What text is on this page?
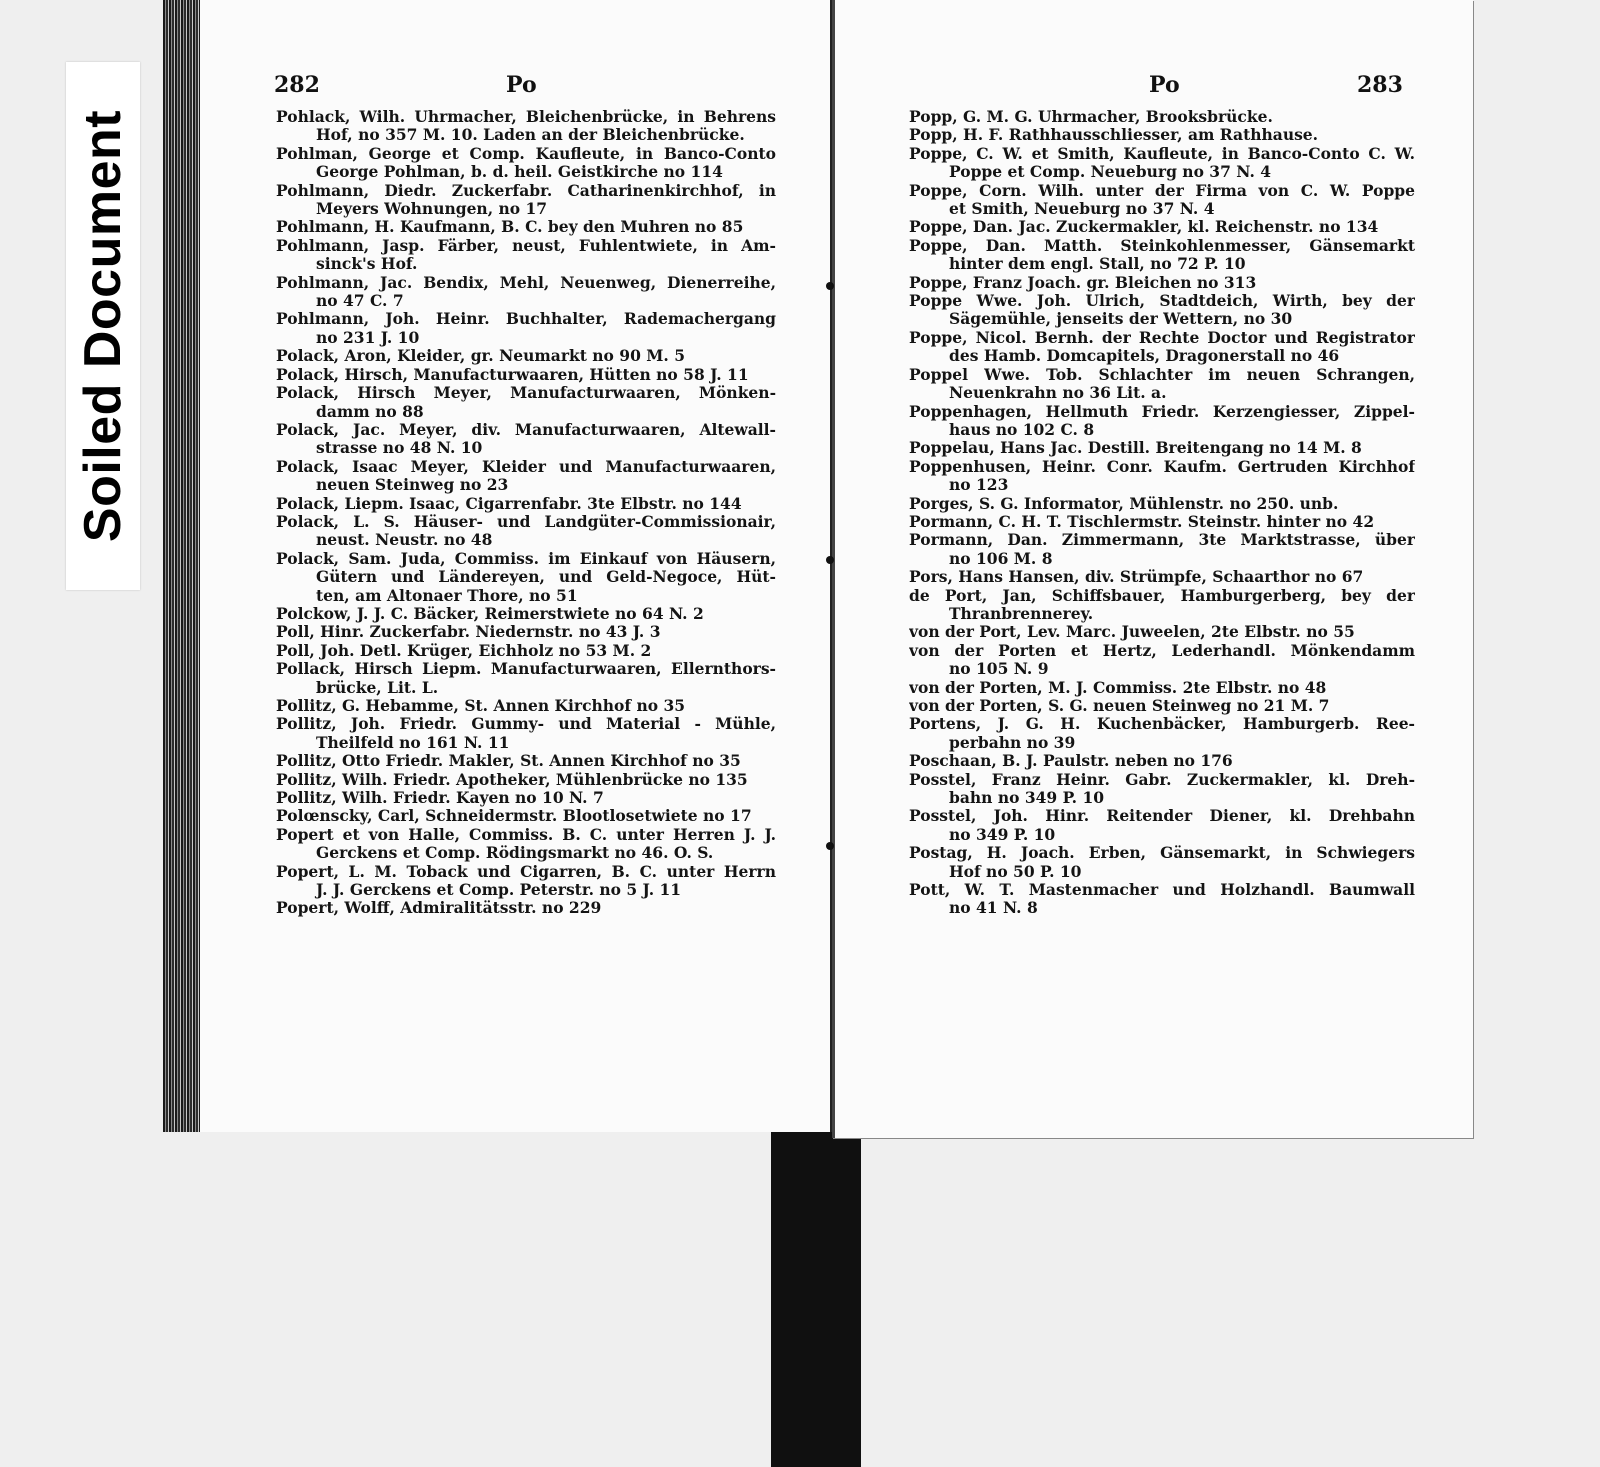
Soiled Document
282	Po
Pohlack, Wilh. Uhrmacher, Bleichenbrücke, in Behrens
Hof, no 357 M. 10. Laden an der Bleichenbrücke.
Pohlman, George et Comp. Kaufleute, in Banco-Conto
George Pohlman, b. d. heil. Geistkirche no 114
Pohlmann, Diedr. Zuckerfabr. Catharinenkirchhof, in
Meyers Wohnungen, no 17
Pohlmann, H. Kaufmann, B. C. bey den Muhren no 85
Pohlmann, Jasp. Färber, neust, Fuhlentwiete, in Am-
sinck's Hof.
Pohlmann, Jac. Bendix, Mehl, Neuenweg, Dienerreihe,
no 47 C. 7
Pohlmann, Joh. Heinr. Buchhalter, Rademachergang
no 231 J. 10
Polack, Aron, Kleider, gr. Neumarkt no 90 M. 5
Polack, Hirsch, Manufacturwaaren, Hütten no 58 J. 11
Polack, Hirsch Meyer, Manufacturwaaren, Mönken-
damm no 88
Polack, Jac. Meyer, div. Manufacturwaaren, Altewall-
strasse no 48 N. 10
Polack, Isaac Meyer, Kleider und Manufacturwaaren,
neuen Steinweg no 23
Polack, Liepm. Isaac, Cigarrenfabr. 3te Elbstr. no 144
Polack, L. S. Häuser- und Landgüter-Commissionair,
neust. Neustr. no 48
Polack, Sam. Juda, Commiss. im Einkauf von Häusern,
Gütern und Ländereyen, und Geld-Negoce, Hüt-
ten, am Altonaer Thore, no 51
Polckow, J. J. C. Bäcker, Reimerstwiete no 64 N. 2
Poll, Hinr. Zuckerfabr. Niedernstr. no 43 J. 3
Poll, Joh. Detl. Krüger, Eichholz no 53 M. 2
Pollack, Hirsch Liepm. Manufacturwaaren, Ellernthors-
brücke, Lit. L.
Pollitz, G. Hebamme, St. Annen Kirchhof no 35
Pollitz, Joh. Friedr. Gummy- und Material - Mühle,
Theilfeld no 161 N. 11
Pollitz, Otto Friedr. Makler, St. Annen Kirchhof no 35
Pollitz, Wilh. Friedr. Apotheker, Mühlenbrücke no 135
Pollitz, Wilh. Friedr. Kayen no 10 N. 7
Polœnscky, Carl, Schneidermstr. Blootlosetwiete no 17
Popert et von Halle, Commiss. B. C. unter Herren J. J.
Gerckens et Comp. Rödingsmarkt no 46. O. S.
Popert, L. M. Toback und Cigarren, B. C. unter Herrn
J. J. Gerckens et Comp. Peterstr. no 5 J. 11
Popert, Wolff, Admiralitätsstr. no 229
Po	283
Popp, G. M. G. Uhrmacher, Brooksbrücke.
Popp, H. F. Rathhausschliesser, am Rathhause.
Poppe, C. W. et Smith, Kaufleute, in Banco-Conto C. W.
Poppe et Comp. Neueburg no 37 N. 4
Poppe, Corn. Wilh. unter der Firma von C. W. Poppe
et Smith, Neueburg no 37 N. 4
Poppe, Dan. Jac. Zuckermakler, kl. Reichenstr. no 134
Poppe, Dan. Matth. Steinkohlenmesser, Gänsemarkt
hinter dem engl. Stall, no 72 P. 10
Poppe, Franz Joach. gr. Bleichen no 313
Poppe Wwe. Joh. Ulrich, Stadtdeich, Wirth, bey der
Sägemühle, jenseits der Wettern, no 30
Poppe, Nicol. Bernh. der Rechte Doctor und Registrator
des Hamb. Domcapitels, Dragonerstall no 46
Poppel Wwe. Tob. Schlachter im neuen Schrangen,
Neuenkrahn no 36 Lit. a.
Poppenhagen, Hellmuth Friedr. Kerzengiesser, Zippel-
haus no 102 C. 8
Poppelau, Hans Jac. Destill. Breitengang no 14 M. 8
Poppenhusen, Heinr. Conr. Kaufm. Gertruden Kirchhof
no 123
Porges, S. G. Informator, Mühlenstr. no 250. unb.
Pormann, C. H. T. Tischlermstr. Steinstr. hinter no 42
Pormann, Dan. Zimmermann, 3te Marktstrasse, über
no 106 M. 8
Pors, Hans Hansen, div. Strümpfe, Schaarthor no 67
de Port, Jan, Schiffsbauer, Hamburgerberg, bey der
Thranbrennerey.
von der Port, Lev. Marc. Juweelen, 2te Elbstr. no 55
von der Porten et Hertz, Lederhandl. Mönkendamm
no 105 N. 9
von der Porten, M. J. Commiss. 2te Elbstr. no 48
von der Porten, S. G. neuen Steinweg no 21 M. 7
Portens, J. G. H. Kuchenbäcker, Hamburgerb. Ree-
perbahn no 39
Poschaan, B. J. Paulstr. neben no 176
Posstel, Franz Heinr. Gabr. Zuckermakler, kl. Dreh-
bahn no 349 P. 10
Posstel, Joh. Hinr. Reitender Diener, kl. Drehbahn
no 349 P. 10
Postag, H. Joach. Erben, Gänsemarkt, in Schwiegers
Hof no 50 P. 10
Pott, W. T. Mastenmacher und Holzhandl. Baumwall
no 41 N. 8
